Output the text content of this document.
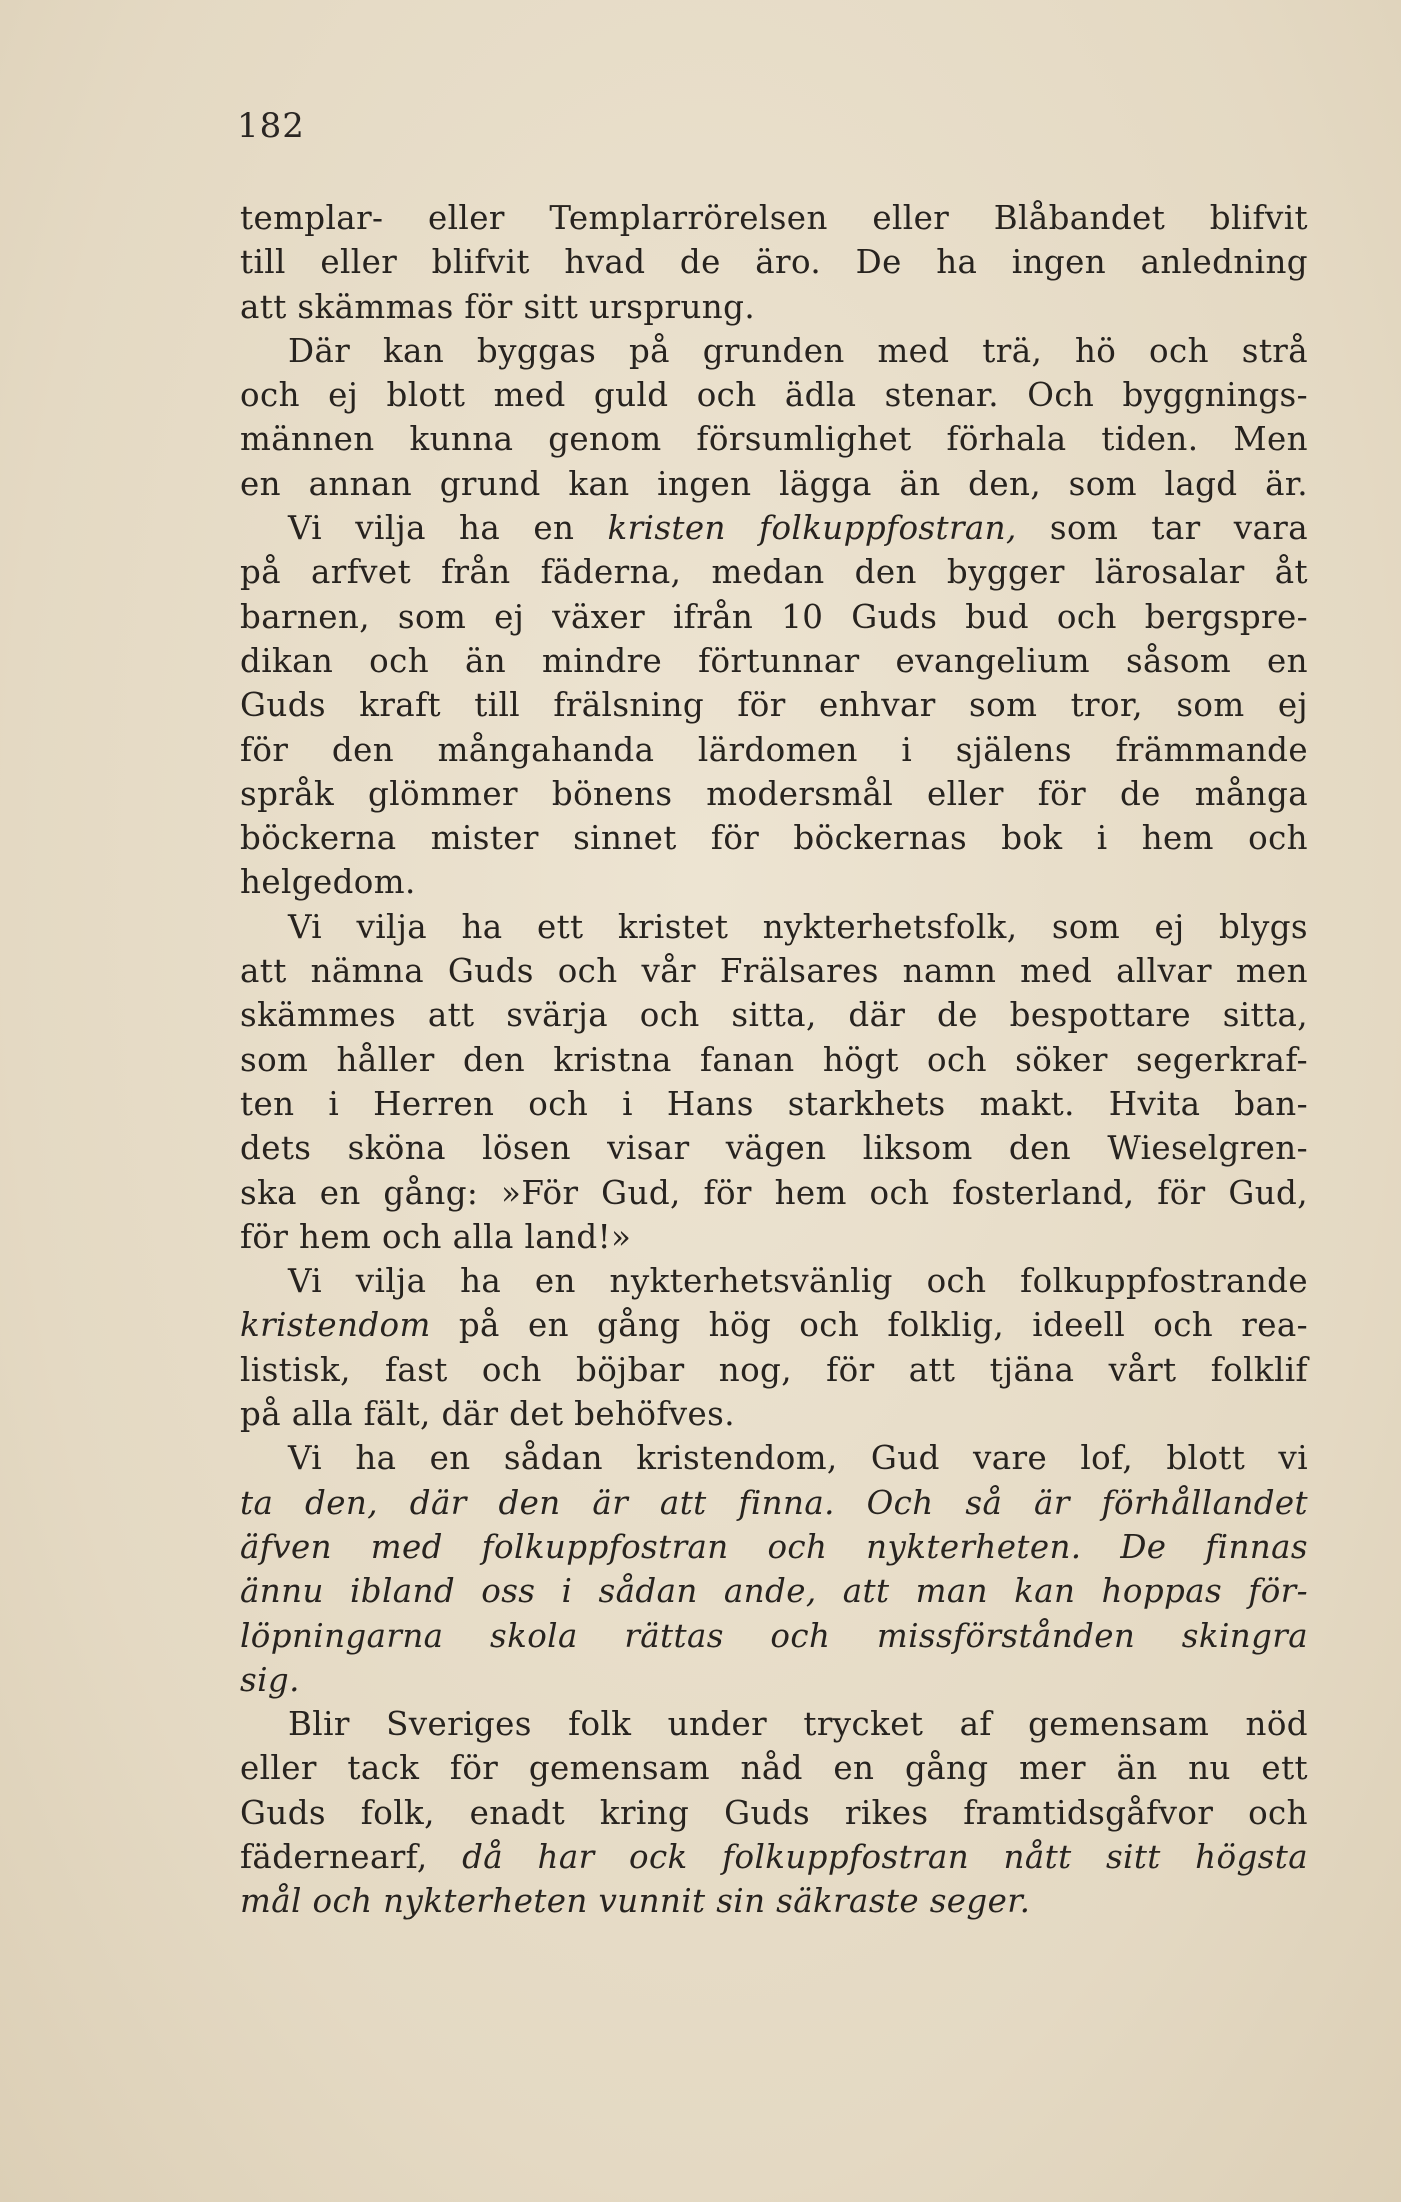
182
templar- eller Templarrörelsen eller Blåbandet blifvit
till eller blifvit hvad de äro. De ha ingen anledning
att skämmas för sitt ursprung.
Där kan byggas på grunden med trä, hö och strå
och ej blott med guld och ädla stenar. Och byggnings-
männen kunna genom försumlighet förhala tiden. Men
en annan grund kan ingen lägga än den, som lagd är.
Vi vilja ha en kristen folkuppfostran, som tar vara
på arfvet från fäderna, medan den bygger lärosalar åt
barnen, som ej växer ifrån 10 Guds bud och bergspre-
dikan och än mindre förtunnar evangelium såsom en
Guds kraft till frälsning för enhvar som tror, som ej
för den mångahanda lärdomen i själens främmande
språk glömmer bönens modersmål eller för de många
böckerna mister sinnet för böckernas bok i hem och
helgedom.
Vi vilja ha ett kristet nykterhetsfolk, som ej blygs
att nämna Guds och vår Frälsares namn med allvar men
skämmes att svärja och sitta, där de bespottare sitta,
som håller den kristna fanan högt och söker segerkraf-
ten i Herren och i Hans starkhets makt. Hvita ban-
dets sköna lösen visar vägen liksom den Wieselgren-
ska en gång: »För Gud, för hem och fosterland, för Gud,
för hem och alla land!»
Vi vilja ha en nykterhetsvänlig och folkuppfostrande
kristendom på en gång hög och folklig, ideell och rea-
listisk, fast och böjbar nog, för att tjäna vårt folklif
på alla fält, där det behöfves.
Vi ha en sådan kristendom, Gud vare lof, blott vi
ta den, där den är att finna. Och så är förhållandet
äfven med folkuppfostran och nykterheten. De finnas
ännu ibland oss i sådan ande, att man kan hoppas för-
löpningarna skola rättas och missförstånden skingra
sig.
Blir Sveriges folk under trycket af gemensam nöd
eller tack för gemensam nåd en gång mer än nu ett
Guds folk, enadt kring Guds rikes framtidsgåfvor och
fädernearf, då har ock folkuppfostran nått sitt högsta
mål och nykterheten vunnit sin säkraste seger.
